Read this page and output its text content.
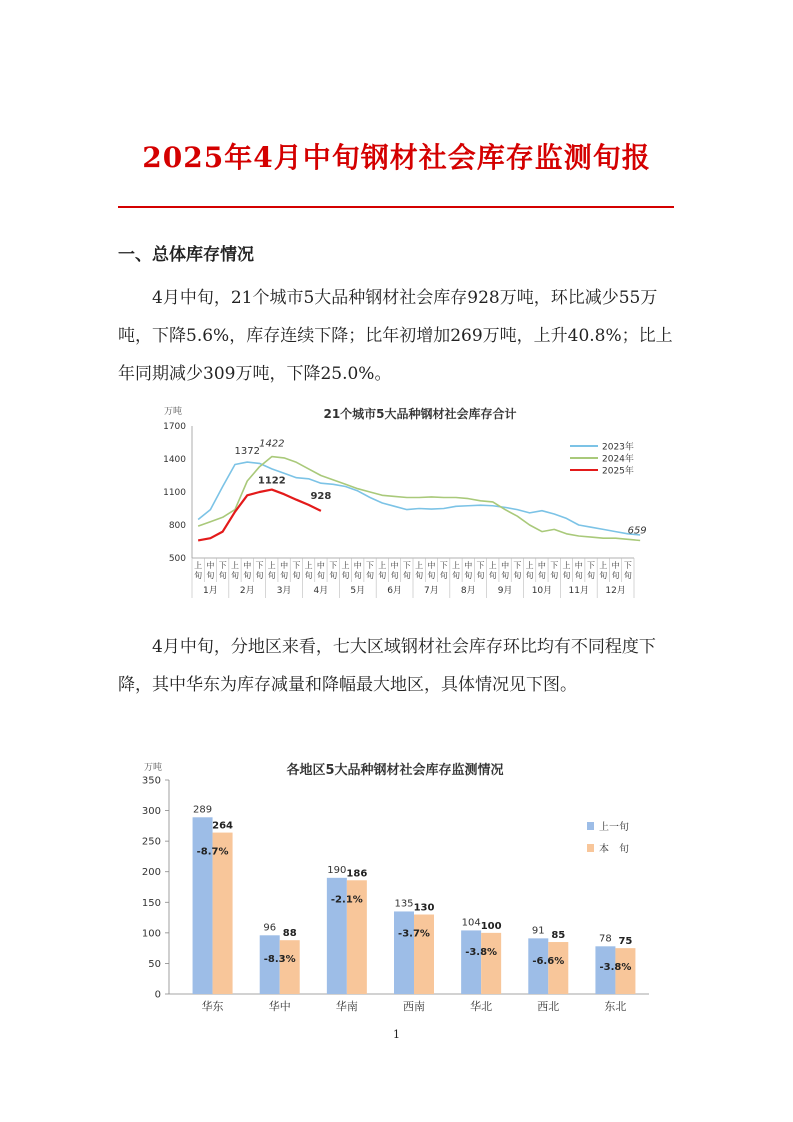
2025年4月中旬钢材社会库存监测旬报
一、总体库存情况
4月中旬，21个城市5大品种钢材社会库存928万吨，环比减少55万吨，下降5.6%，库存连续下降；比年初增加269万吨，上升40.8%；比上年同期减少309万吨，下降25.0%。
21个城市5大品种钢材社会库存合计
万吨
500
800
1100
1400
1700
上旬
中旬
下旬
上旬
中旬
下旬
上旬
中旬
下旬
上旬
中旬
下旬
上旬
中旬
下旬
上旬
中旬
下旬
上旬
中旬
下旬
上旬
中旬
下旬
上旬
中旬
下旬
上旬
中旬
下旬
上旬
中旬
下旬
上旬
中旬
下旬
1月 2月 3月 4月 5月 6月 7月 8月 9月 10月 11月 12月
1372
1422
1122
928
659
2023年
2024年
2025年
4月中旬，分地区来看，七大区域钢材社会库存环比均有不同程度下降，其中华东为库存减量和降幅最大地区，具体情况见下图。
各地区5大品种钢材社会库存监测情况
万吨
0
50
100
150
200
250
300
350
华东	华中	华南	西南	华北	西北	东北
289
264
-8.7%
96
88
-8.3%
190 186
-2.1%	135 130
-3.7%
104 100
-3.8%
91 85
-6.6%
78 75
-3.8%
上一旬
本　旬
1
